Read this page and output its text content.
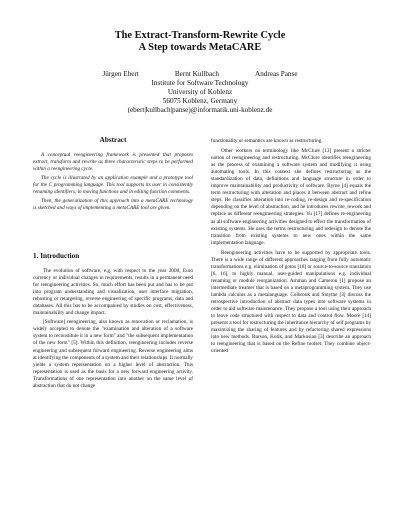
The Extract-Transform-Rewrite Cycle
A Step towards MetaCARE
Jürgen Ebert	Bernt Kullbach	Andreas Panse
Institute for Software Technology
University of Koblenz
56075 Koblenz, Germany
(ebert|kullbach|panse)@informatik.uni-koblenz.de
Abstract

A conceptual reengineering framework is presented that proposes extract, transform and rewrite as three characteristic steps to be performed within a reengineering cycle.

The cycle is illustrated by an application example and a prototype tool for the C programming language. This tool supports its user in consistently renaming identifiers, in moving functions and in editing function comments.

Then, the generalization of this approach into a metaCARE technology is sketched and ways of implementing a metaCARE tool are given.

1. Introduction

The evolution of software, e.g. with respect to the year 2000, Euro currency or individual changes in requirements, results in a permanent need for reengineering activities. So, much effort has been put and has to be put into program understanding and visualization, user interface migration, rehosting or retargeting, reverse engineering of specific programs, data and databases. All this has to be accompanied by studies on cost, effectiveness, maintainability and change impact.

[Software] reengineering, also known as renovation or reclamation, is widely accepted to denote the "examination and alteration of a software system to reconstitute it in a new form" and "the subsequent implementation of the new form" [5]. Within this definition, reengineering includes reverse engineering and subsequent forward engineering. Reverse engineering aims at identifying the components of a system and their relationships. It normally yields a system representation on a higher level of abstraction. This representation is used as the basis for a new forward engineering activity. Transformations of one representation into another on the same level of abstraction that do not change

functionality or semantics are known as restructuring.

Other workers on terminology like McClure [13] present a stricter notion of reengineering and restructuring. McClure identifies reengineering as the process of examining a software system and modifying it using automating tools. In this context she defines restructuring as the standardization of data, definitions and language structure in order to improve maintainability and productivity of software. Byrne [4] equals the term restructuring with alteration and places it between abstract and refine steps. He classifies alteration into re-coding, re-design and re-specification depending on the level of abstraction, and he introduces rewrite, rework and replace as different reengineering strategies. Yu [17] defines re-engineering as all software engineering activities designed to effect the transformation of existing systems. He uses the terms restructuring and redesign to denote the transition from existing systems to new ones within the same implementation language.

Reengineering activities have to be supported by appropriate tools. There is a wide range of different approaches ranging from fully automatic transformations e.g. elimination of gotos [18] or source-to-source translators [6, 16], to highly manual, user-guided manipulations e.g. individual renaming or module reorganization. Arnman and Cameron [1] propose an intermediate treamer that is based on a metaprogramming system. They use lambda calculus as a metalanguage. Colbrook and Smythe [3] discuss the retrospective introduction of abstract data types into software systems in order to aid software maintenance. They propose a tool using their approach to leave code structured with respect to data and control flow. Moore [14] presents a tool for restructuring the inheritance hierarchy of self programs by maximizing the sharing of features and by refactoring shared expressions into new methods. Burson, Kotik, and Markosian [3] describe an approach to reengineering that is based on the Refine toolset. They combine object-oriented
